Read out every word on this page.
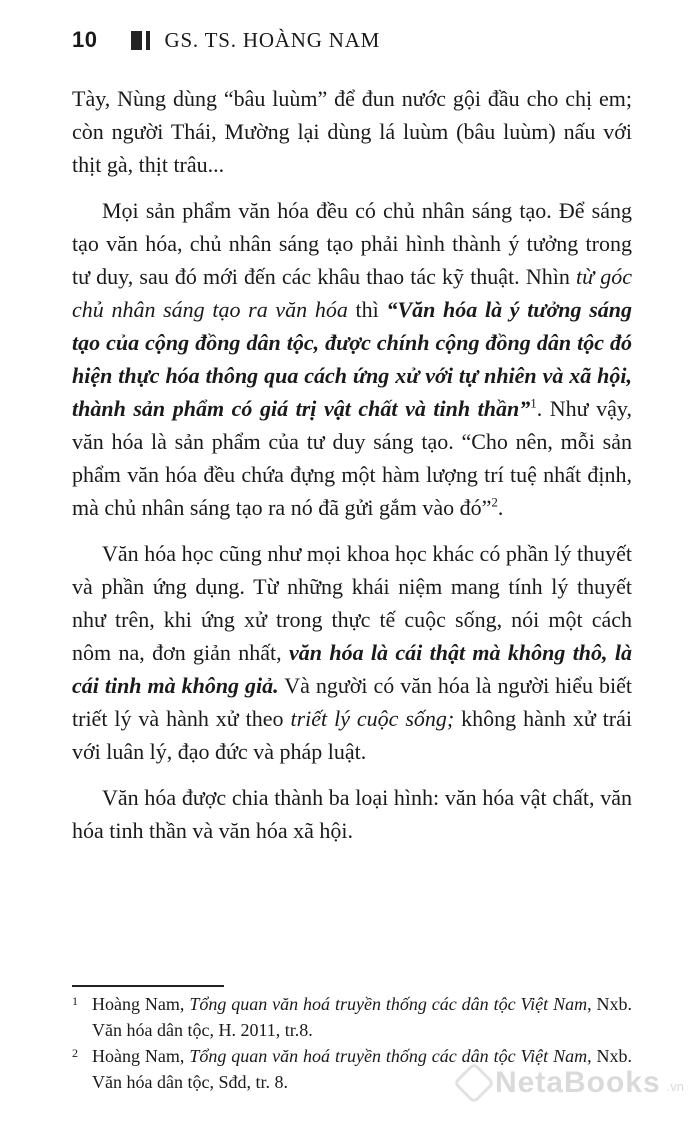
10	GS. TS. HOÀNG NAM

Tày, Nùng dùng “bâu luùm” để đun nước gội đầu cho chị em; còn người Thái, Mường lại dùng lá luùm (bâu luùm) nấu với thịt gà, thịt trâu...

Mọi sản phẩm văn hóa đều có chủ nhân sáng tạo. Để sáng tạo văn hóa, chủ nhân sáng tạo phải hình thành ý tưởng trong tư duy, sau đó mới đến các khâu thao tác kỹ thuật. Nhìn từ góc chủ nhân sáng tạo ra văn hóa thì “Văn hóa là ý tưởng sáng tạo của cộng đồng dân tộc, được chính cộng đồng dân tộc đó hiện thực hóa thông qua cách ứng xử với tự nhiên và xã hội, thành sản phẩm có giá trị vật chất và tinh thần”$^1$. Như vậy, văn hóa là sản phẩm của tư duy sáng tạo. “Cho nên, mỗi sản phẩm văn hóa đều chứa đựng một hàm lượng trí tuệ nhất định, mà chủ nhân sáng tạo ra nó đã gửi gắm vào đó”$^2$.

Văn hóa học cũng như mọi khoa học khác có phần lý thuyết và phần ứng dụng. Từ những khái niệm mang tính lý thuyết như trên, khi ứng xử trong thực tế cuộc sống, nói một cách nôm na, đơn giản nhất, văn hóa là cái thật mà không thô, là cái tinh mà không giả. Và người có văn hóa là người hiểu biết triết lý và hành xử theo triết lý cuộc sống; không hành xử trái với luân lý, đạo đức và pháp luật.

Văn hóa được chia thành ba loại hình: văn hóa vật chất, văn hóa tinh thần và văn hóa xã hội.

1 Hoàng Nam, Tổng quan văn hoá truyền thống các dân tộc Việt Nam, Nxb. Văn hóa dân tộc, H. 2011, tr.8.

2 Hoàng Nam, Tổng quan văn hoá truyền thống các dân tộc Việt Nam, Nxb. Văn hóa dân tộc, Sđd, tr. 8.	NetaBooks .vn
